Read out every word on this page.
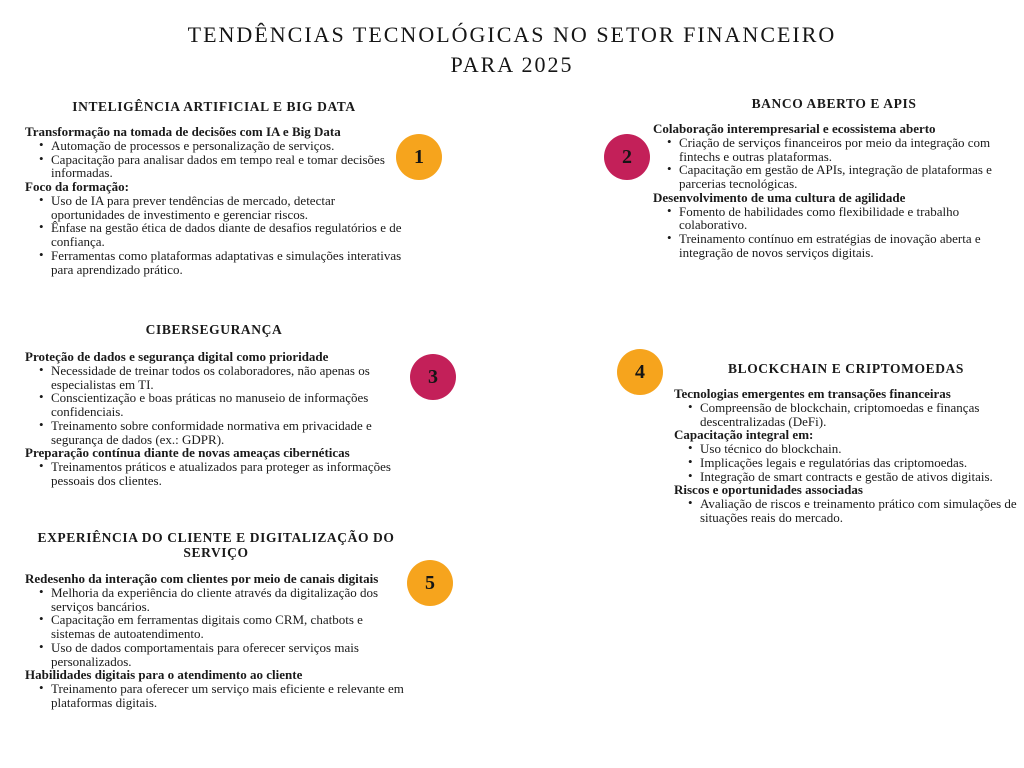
TENDÊNCIAS TECNOLÓGICAS NO SETOR FINANCEIRO
PARA 2025
INTELIGÊNCIA ARTIFICIAL E BIG DATA

Transformação na tomada de decisões com IA e Big Data

• Automação de processos e personalização de serviços.
• Capacitação para analisar dados em tempo real e tomar decisões informadas.

Foco da formação:

• Uso de IA para prever tendências de mercado, detectar oportunidades de investimento e gerenciar riscos.
• Ênfase na gestão ética de dados diante de desafios regulatórios e de confiança.
• Ferramentas como plataformas adaptativas e simulações interativas para aprendizado prático.
BANCO ABERTO E APIS

Colaboração interempresarial e ecossistema aberto

• Criação de serviços financeiros por meio da integração com fintechs e outras plataformas.
• Capacitação em gestão de APIs, integração de plataformas e parcerias tecnológicas.

Desenvolvimento de uma cultura de agilidade

• Fomento de habilidades como flexibilidade e trabalho colaborativo.
• Treinamento contínuo em estratégias de inovação aberta e integração de novos serviços digitais.
CIBERSEGURANÇA

Proteção de dados e segurança digital como prioridade

• Necessidade de treinar todos os colaboradores, não apenas os especialistas em TI.
• Conscientização e boas práticas no manuseio de informações confidenciais.
• Treinamento sobre conformidade normativa em privacidade e segurança de dados (ex.: GDPR).

Preparação contínua diante de novas ameaças cibernéticas

• Treinamentos práticos e atualizados para proteger as informações pessoais dos clientes.
BLOCKCHAIN E CRIPTOMOEDAS

Tecnologias emergentes em transações financeiras

• Compreensão de blockchain, criptomoedas e finanças descentralizadas (DeFi).

Capacitação integral em:

• Uso técnico do blockchain.
• Implicações legais e regulatórias das criptomoedas.
• Integração de smart contracts e gestão de ativos digitais.

Riscos e oportunidades associadas

• Avaliação de riscos e treinamento prático com simulações de situações reais do mercado.
EXPERIÊNCIA DO CLIENTE E DIGITALIZAÇÃO DO SERVIÇO

Redesenho da interação com clientes por meio de canais digitais

• Melhoria da experiência do cliente através da digitalização dos serviços bancários.
• Capacitação em ferramentas digitais como CRM, chatbots e sistemas de autoatendimento.
• Uso de dados comportamentais para oferecer serviços mais personalizados.

Habilidades digitais para o atendimento ao cliente

• Treinamento para oferecer um serviço mais eficiente e relevante em plataformas digitais.
1	2
3	4
5
